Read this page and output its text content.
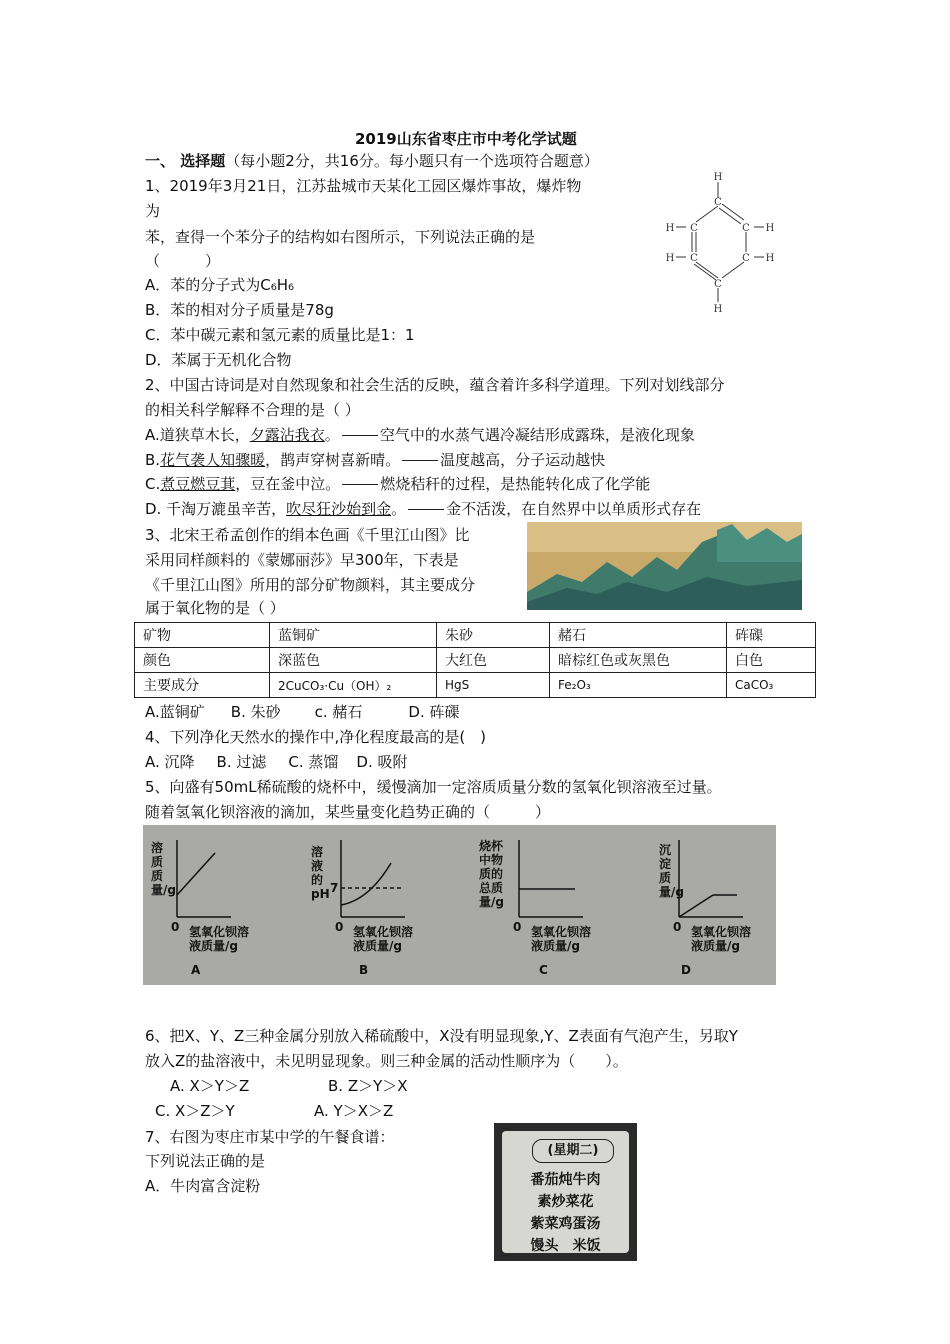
2019山东省枣庄市中考化学试题
一、 选择题（每小题2分，共16分。每小题只有一个选项符合题意）
1、2019年3月21日，江苏盐城市天某化工园区爆炸事故，爆炸物
为
苯，查得一个苯分子的结构如右图所示，下列说法正确的是
（　　　）
A．苯的分子式为C₆H₆
B．苯的相对分子质量是78g
C．苯中碳元素和氢元素的质量比是1：1
D．苯属于无机化合物
H
C
H C	C H
H C	C H
C
H
2、中国古诗词是对自然现象和社会生活的反映，蕴含着许多科学道理。下列对划线部分
的相关科学解释不合理的是（ ）
A.道狭草木长，夕露沾我衣。	空气中的水蒸气遇冷凝结形成露珠，是液化现象
B.花气袭人知骤暖，鹊声穿树喜新晴。	温度越高，分子运动越快
C.煮豆燃豆萁，豆在釜中泣。	燃烧秸秆的过程，是热能转化成了化学能
D. 千淘万漉虽辛苦，吹尽狂沙始到金。	金不活泼，在自然界中以单质形式存在
3、北宋王希孟创作的绢本色画《千里江山图》比
采用同样颜料的《蒙娜丽莎》早300年，下表是
《千里江山图》所用的部分矿物颜料，其主要成分
属于氧化物的是（ ）
矿物	蓝铜矿	朱砂	赭石	砗磲
颜色	深蓝色	大红色	暗棕红色或灰黑色	白色
主要成分	2CuCO₃·Cu（OH）₂	HgS	Fe₂O₃	CaCO₃
A.蓝铜矿 B. 朱砂 c. 赭石	D. 砗磲
4、下列净化天然水的操作中,净化程度最高的是(　)
A. 沉降 B. 过滤 C. 蒸馏 D. 吸附
5、向盛有50mL稀硫酸的烧杯中，缓慢滴加一定溶质质量分数的氢氧化钡溶液至过量。
随着氢氧化钡溶液的滴加，某些量变化趋势正确的（　　　）
溶质质量/g
0 氢氧化钡溶液质量/g
A
溶液的pH 7
0 氢氧化钡溶液质量/g
B
烧杯中物质的总质量/g
0 氢氧化钡溶液质量/g
C
沉淀质量/g
0 氢氧化钡溶液质量/g
D
6、把X、Y、Z三种金属分别放入稀硫酸中，X没有明显现象,Y、Z表面有气泡产生，另取Y
放入Z的盐溶液中，未见明显现象。则三种金属的活动性顺序为（　　）。
A. X＞Y＞Z	B. Z＞Y＞X
C. X＞Z＞Y	A. Y＞X＞Z
7、右图为枣庄市某中学的午餐食谱：
下列说法正确的是
A．牛肉富含淀粉
(星期二)
番茄炖牛肉
素炒菜花
紫菜鸡蛋汤
馒头　米饭
